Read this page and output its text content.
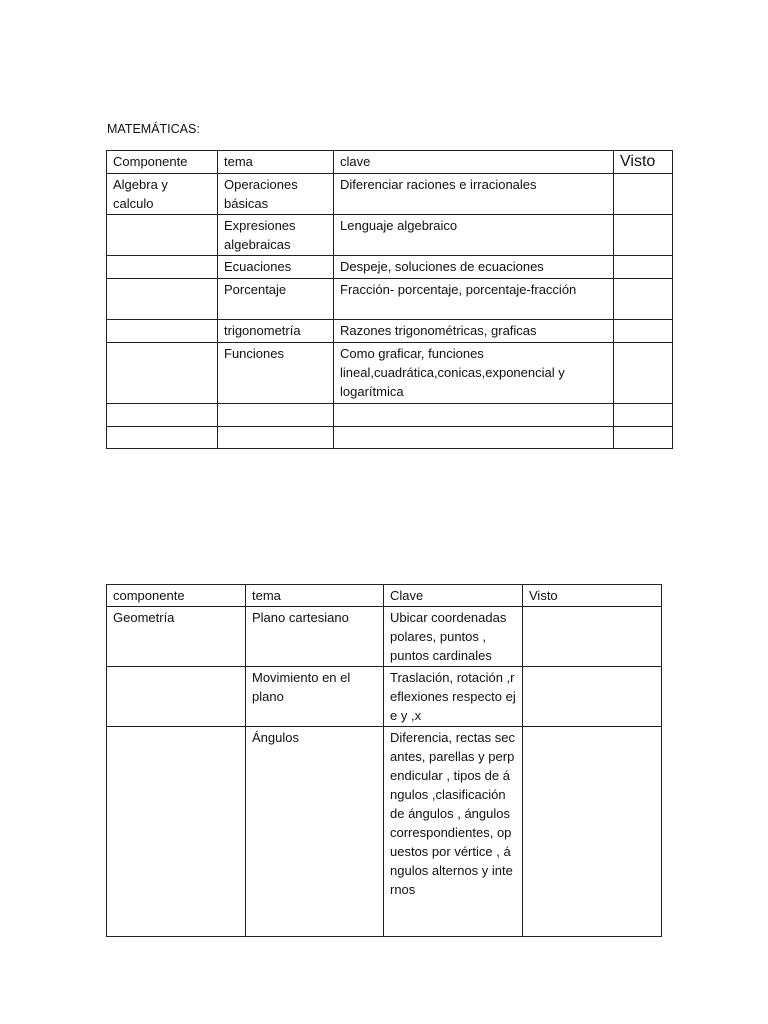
MATEMÁTICAS:
Componente	tema	clave	Visto
Algebra y calculo	Operaciones básicas	Diferenciar raciones e irracionales	
	Expresiones algebraicas	Lenguaje algebraico	
	Ecuaciones	Despeje, soluciones de ecuaciones	
	Porcentaje	Fracción- porcentaje, porcentaje-fracción	
	trigonometría	Razones trigonométricas, graficas	
	Funciones	Como graficar, funciones lineal,cuadrática,conicas,exponencial y logarítmica	

componente	tema	Clave	Visto
Geometría	Plano cartesiano	Ubicar coordenadas polares, puntos , puntos cardinales	
	Movimiento en el plano	Traslación, rotación ,reflexiones respecto eje y ,x	
	Ángulos	Diferencia, rectas secantes, parellas y perpendicular , tipos de ángulos ,clasificación de ángulos , ángulos correspondientes, opuestos por vértice , ángulos alternos y internos	
